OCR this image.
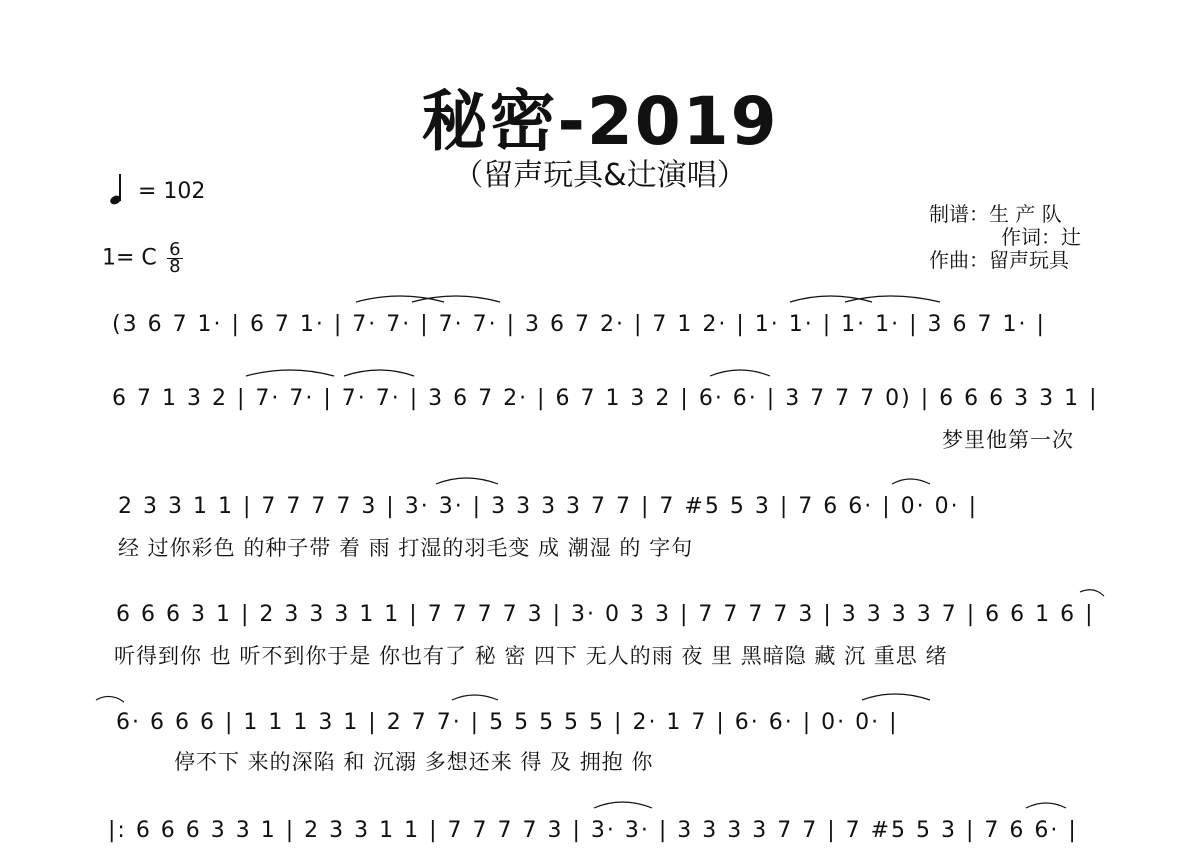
秘密-2019
（留声玩具&辻演唱）
= 102
1= C $\frac{6}{8}$
制谱：生 产 队
作词：辻
作曲：留声玩具
(3 6 7 1· | 6 7 1· | 7· 7· | 7· 7· | 3 6 7 2· | 7 1 2· | 1· 1· | 1· 1· | 3 6 7 1· |
6 7 1 3 2 | 7· 7· | 7· 7· | 3 6 7 2· | 6 7 1 3 2 | 6· 6· | 3 7 7 7 0) | 6 6 6 3 3 1 |
梦里他第一次
2 3 3 1 1 | 7 7 7 7 3 | 3· 3· | 3 3 3 3 7 7 | 7 #5 5 3 | 7 6 6· | 0· 0· |
经 过你彩色 的种子带 着 雨 打湿的羽毛变 成 潮湿 的 字句
6 6 6 3 1 | 2 3 3 3 1 1 | 7 7 7 7 3 | 3· 0 3 3 | 7 7 7 7 3 | 3 3 3 3 7 | 6 6 1 6 |
听得到你 也 听不到你于是 你也有了 秘 密 四下 无人的雨 夜 里 黑暗隐 藏 沉 重思 绪
6· 6 6 6 | 1 1 1 3 1 | 2 7 7· | 5 5 5 5 5 | 2· 1 7 | 6· 6· | 0· 0· |
停不下 来的深陷 和 沉溺 多想还来 得 及 拥抱 你
|: 6 6 6 3 3 1 | 2 3 3 1 1 | 7 7 7 7 3 | 3· 3· | 3 3 3 3 7 7 | 7 #5 5 3 | 7 6 6· |
